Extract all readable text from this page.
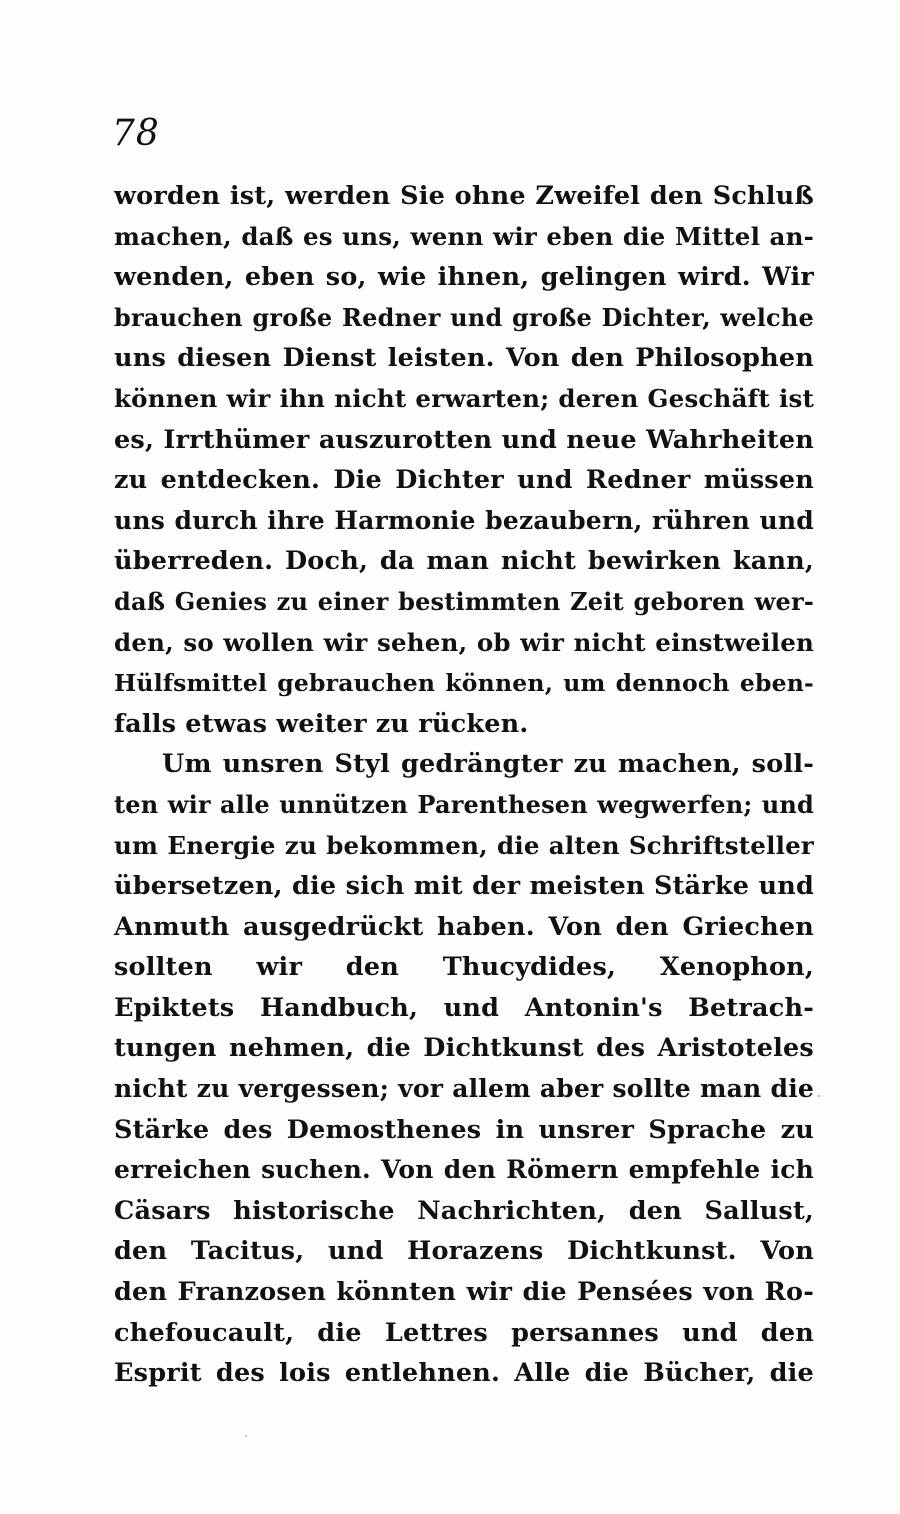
78
worden ist, werden Sie ohne Zweifel den Schluß
machen, daß es uns, wenn wir eben die Mittel an-
wenden, eben so, wie ihnen, gelingen wird. Wir
brauchen große Redner und große Dichter, welche
uns diesen Dienst leisten. Von den Philosophen
können wir ihn nicht erwarten; deren Geschäft ist
es, Irrthümer auszurotten und neue Wahrheiten
zu entdecken. Die Dichter und Redner müssen
uns durch ihre Harmonie bezaubern, rühren und
überreden. Doch, da man nicht bewirken kann,
daß Genies zu einer bestimmten Zeit geboren wer-
den, so wollen wir sehen, ob wir nicht einstweilen
Hülfsmittel gebrauchen können, um dennoch eben-
falls etwas weiter zu rücken.
Um unsren Styl gedrängter zu machen, soll-
ten wir alle unnützen Parenthesen wegwerfen; und
um Energie zu bekommen, die alten Schriftsteller
übersetzen, die sich mit der meisten Stärke und
Anmuth ausgedrückt haben. Von den Griechen
sollten wir den Thucydides, Xenophon,
Epiktets Handbuch, und Antonin's Betrach-
tungen nehmen, die Dichtkunst des Aristoteles
nicht zu vergessen; vor allem aber sollte man die
Stärke des Demosthenes in unsrer Sprache zu
erreichen suchen. Von den Römern empfehle ich
Cäsars historische Nachrichten, den Sallust,
den Tacitus, und Horazens Dichtkunst. Von
den Franzosen könnten wir die Pensées von Ro-
chefoucault, die Lettres persannes und den
Esprit des lois entlehnen. Alle die Bücher, die
